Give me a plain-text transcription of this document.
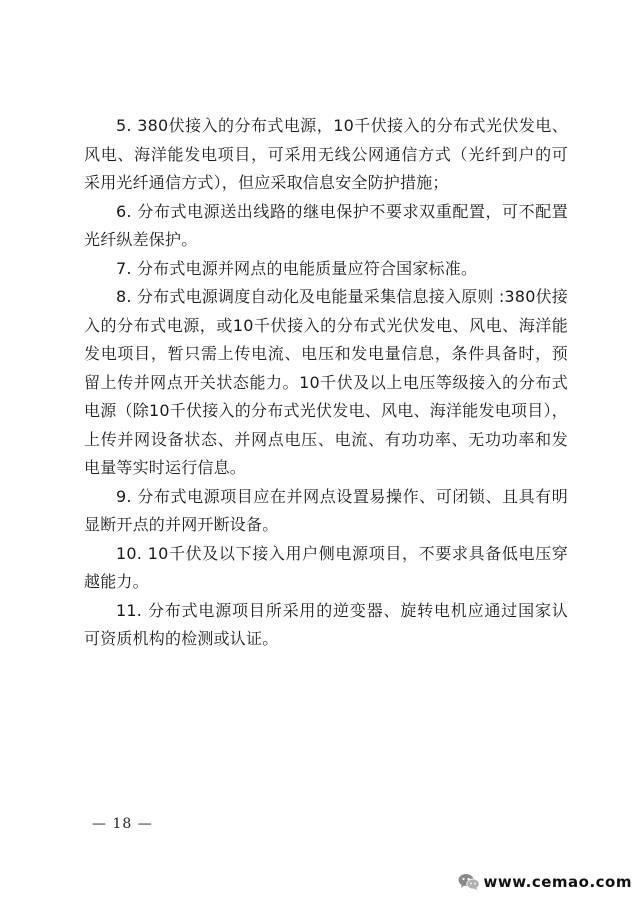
5. 380伏接入的分布式电源，10千伏接入的分布式光伏发电、风电、海洋能发电项目，可采用无线公网通信方式（光纤到户的可采用光纤通信方式），但应采取信息安全防护措施；

6. 分布式电源送出线路的继电保护不要求双重配置，可不配置光纤纵差保护。

7. 分布式电源并网点的电能质量应符合国家标准。

8. 分布式电源调度自动化及电能量采集信息接入原则 :380伏接入的分布式电源，或10千伏接入的分布式光伏发电、风电、海洋能发电项目，暂只需上传电流、电压和发电量信息，条件具备时，预留上传并网点开关状态能力。10千伏及以上电压等级接入的分布式电源（除10千伏接入的分布式光伏发电、风电、海洋能发电项目），上传并网设备状态、并网点电压、电流、有功功率、无功功率和发电量等实时运行信息。

9. 分布式电源项目应在并网点设置易操作、可闭锁、且具有明显断开点的并网开断设备。

10. 10千伏及以下接入用户侧电源项目，不要求具备低电压穿越能力。

11. 分布式电源项目所采用的逆变器、旋转电机应通过国家认可资质机构的检测或认证。

— 18 —
亚洲工业网
www.cemao.com
